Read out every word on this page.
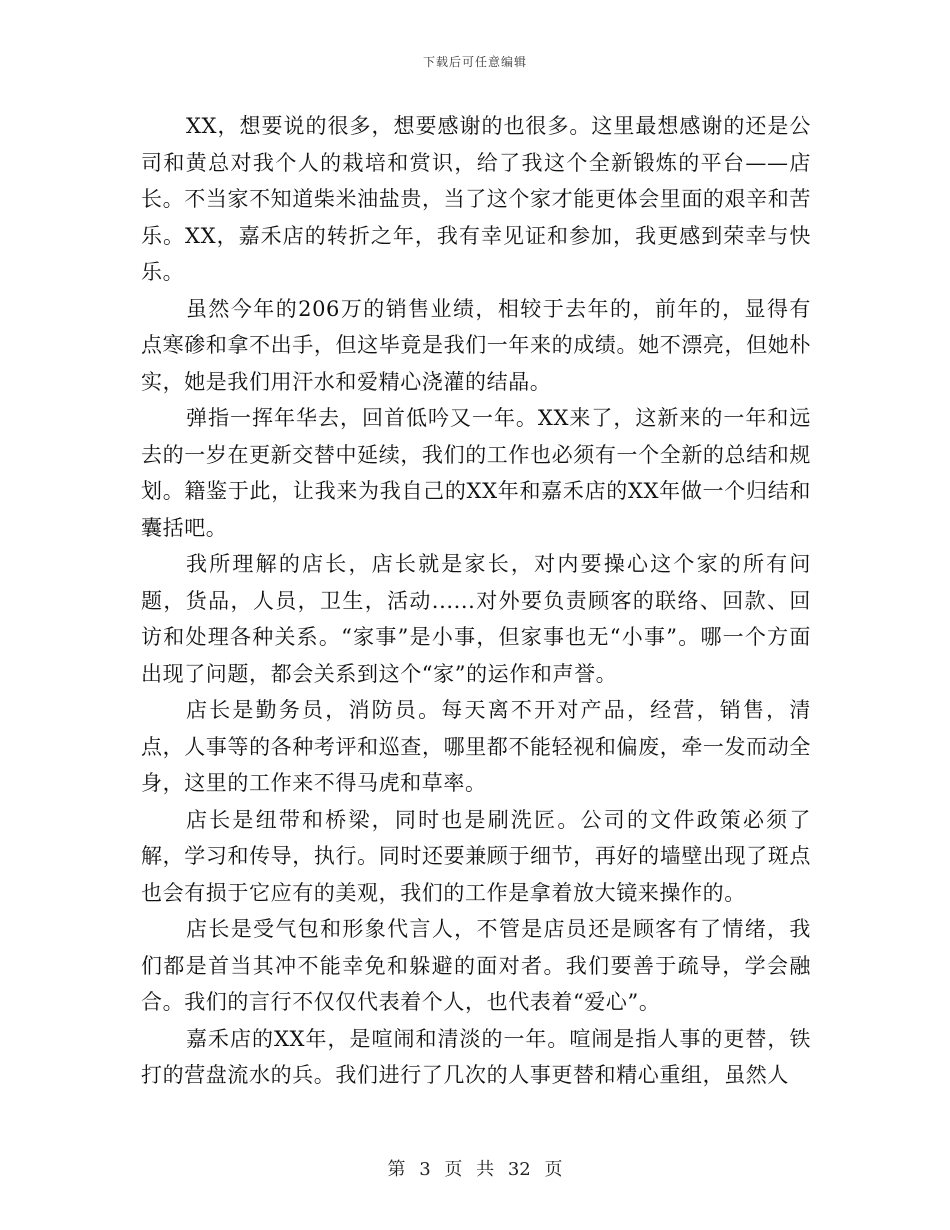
下载后可任意编辑

XX，想要说的很多，想要感谢的也很多。这里最想感谢的还是公司和黄总对我个人的栽培和赏识，给了我这个全新锻炼的平台——店长。不当家不知道柴米油盐贵，当了这个家才能更体会里面的艰辛和苦乐。XX，嘉禾店的转折之年，我有幸见证和参加，我更感到荣幸与快乐。

虽然今年的206万的销售业绩，相较于去年的，前年的，显得有点寒碜和拿不出手，但这毕竟是我们一年来的成绩。她不漂亮，但她朴实，她是我们用汗水和爱精心浇灌的结晶。

弹指一挥年华去，回首低吟又一年。XX来了，这新来的一年和远去的一岁在更新交替中延续，我们的工作也必须有一个全新的总结和规划。籍鉴于此，让我来为我自己的XX年和嘉禾店的XX年做一个归结和囊括吧。

我所理解的店长，店长就是家长，对内要操心这个家的所有问题，货品，人员，卫生，活动......对外要负责顾客的联络、回款、回访和处理各种关系。“家事”是小事，但家事也无“小事”。哪一个方面出现了问题，都会关系到这个“家”的运作和声誉。

店长是勤务员，消防员。每天离不开对产品，经营，销售，清点，人事等的各种考评和巡查，哪里都不能轻视和偏废，牵一发而动全身，这里的工作来不得马虎和草率。

店长是纽带和桥梁，同时也是刷洗匠。公司的文件政策必须了解，学习和传导，执行。同时还要兼顾于细节，再好的墙壁出现了斑点也会有损于它应有的美观，我们的工作是拿着放大镜来操作的。

店长是受气包和形象代言人，不管是店员还是顾客有了情绪，我们都是首当其冲不能幸免和躲避的面对者。我们要善于疏导，学会融合。我们的言行不仅仅代表着个人，也代表着“爱心”。

嘉禾店的XX年，是喧闹和清淡的一年。喧闹是指人事的更替，铁打的营盘流水的兵。我们进行了几次的人事更替和精心重组，虽然人

第 3 页 共 32 页
